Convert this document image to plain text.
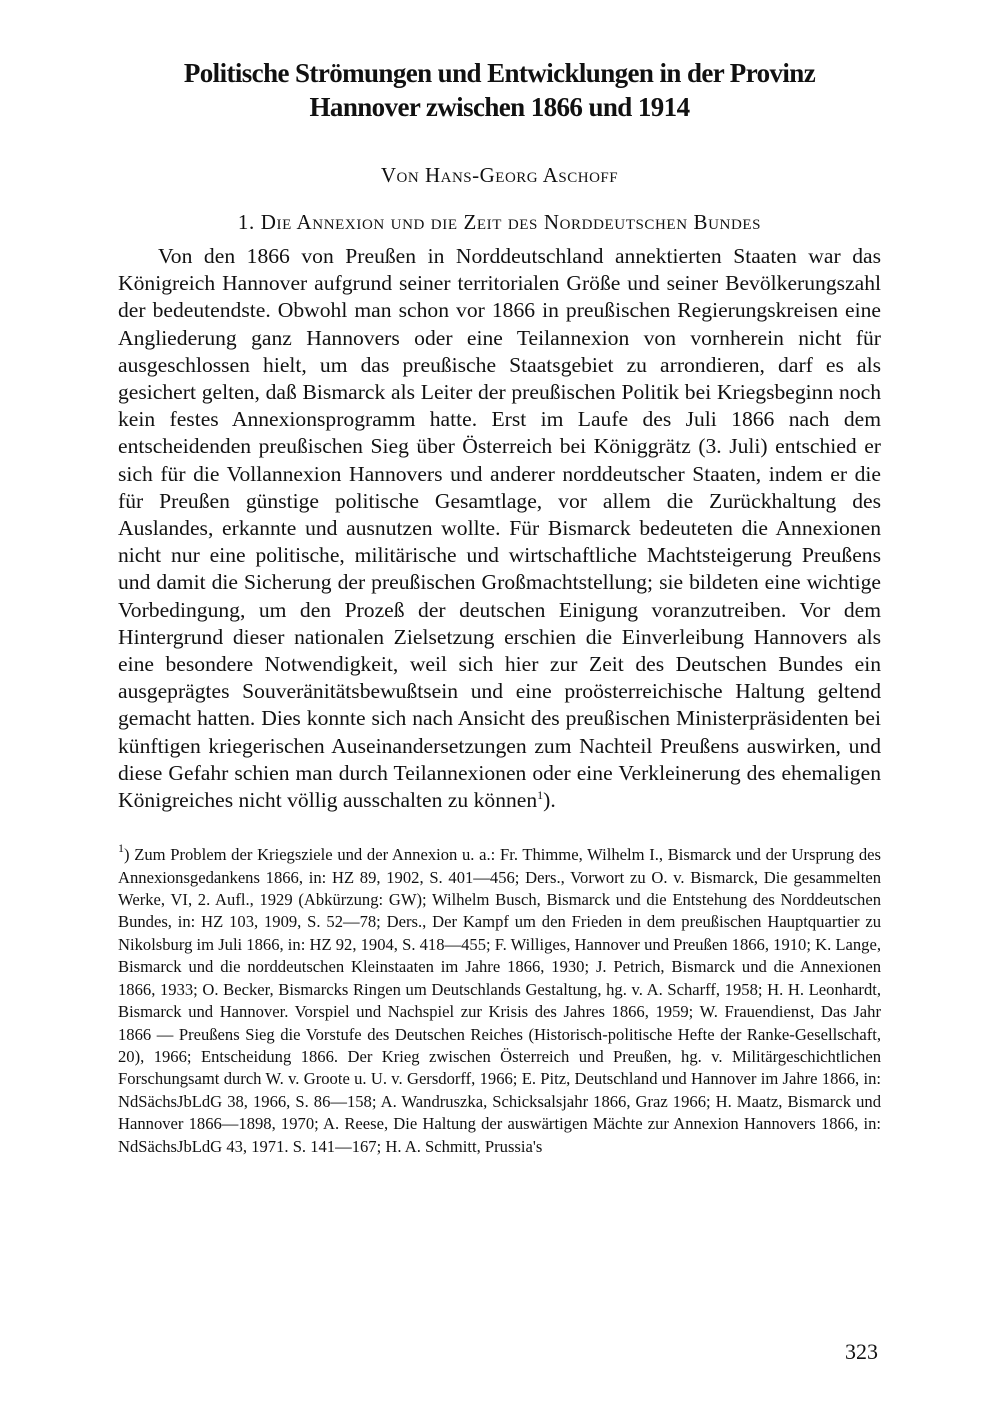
Politische Strömungen und Entwicklungen in der Provinz
Hannover zwischen 1866 und 1914
Von Hans-Georg Aschoff
1. Die Annexion und die Zeit des Norddeutschen Bundes

Von den 1866 von Preußen in Norddeutschland annektierten Staaten war das Königreich Hannover aufgrund seiner territorialen Größe und seiner Bevölkerungszahl der bedeutendste. Obwohl man schon vor 1866 in preußischen Regierungskreisen eine Angliederung ganz Hannovers oder eine Teilannexion von vornherein nicht für ausgeschlossen hielt, um das preußische Staatsgebiet zu arrondieren, darf es als gesichert gelten, daß Bismarck als Leiter der preußischen Politik bei Kriegsbeginn noch kein festes Annexionsprogramm hatte. Erst im Laufe des Juli 1866 nach dem entscheidenden preußischen Sieg über Österreich bei Königgrätz (3. Juli) entschied er sich für die Vollannexion Hannovers und anderer norddeutscher Staaten, indem er die für Preußen günstige politische Gesamtlage, vor allem die Zurückhaltung des Auslandes, erkannte und ausnutzen wollte. Für Bismarck bedeuteten die Annexionen nicht nur eine politische, militärische und wirtschaftliche Machtsteigerung Preußens und damit die Sicherung der preußischen Großmachtstellung; sie bildeten eine wichtige Vorbedingung, um den Prozeß der deutschen Einigung voranzutreiben. Vor dem Hintergrund dieser nationalen Zielsetzung erschien die Einverleibung Hannovers als eine besondere Notwendigkeit, weil sich hier zur Zeit des Deutschen Bundes ein ausgeprägtes Souveränitätsbewußtsein und eine proösterreichische Haltung geltend gemacht hatten. Dies konnte sich nach Ansicht des preußischen Ministerpräsidenten bei künftigen kriegerischen Auseinandersetzungen zum Nachteil Preußens auswirken, und diese Gefahr schien man durch Teilannexionen oder eine Verkleinerung des ehemaligen Königreiches nicht völlig ausschalten zu können$^1$).

$^1$) Zum Problem der Kriegsziele und der Annexion u. a.: Fr. Thimme, Wilhelm I., Bismarck und der Ursprung des Annexionsgedankens 1866, in: HZ 89, 1902, S. 401—456; Ders., Vorwort zu O. v. Bismarck, Die gesammelten Werke, VI, 2. Aufl., 1929 (Abkürzung: GW); Wilhelm Busch, Bismarck und die Entstehung des Norddeutschen Bundes, in: HZ 103, 1909, S. 52—78; Ders., Der Kampf um den Frieden in dem preußischen Hauptquartier zu Nikolsburg im Juli 1866, in: HZ 92, 1904, S. 418—455; F. Williges, Hannover und Preußen 1866, 1910; K. Lange, Bismarck und die norddeutschen Kleinstaaten im Jahre 1866, 1930; J. Petrich, Bismarck und die Annexionen 1866, 1933; O. Becker, Bismarcks Ringen um Deutschlands Gestaltung, hg. v. A. Scharff, 1958; H. H. Leonhardt, Bismarck und Hannover. Vorspiel und Nachspiel zur Krisis des Jahres 1866, 1959; W. Frauendienst, Das Jahr 1866 — Preußens Sieg die Vorstufe des Deutschen Reiches (Historisch-politische Hefte der Ranke-Gesellschaft, 20), 1966; Entscheidung 1866. Der Krieg zwischen Österreich und Preußen, hg. v. Militärgeschichtlichen Forschungsamt durch W. v. Groote u. U. v. Gersdorff, 1966; E. Pitz, Deutschland und Hannover im Jahre 1866, in: NdSächsJbLdG 38, 1966, S. 86—158; A. Wandruszka, Schicksalsjahr 1866, Graz 1966; H. Maatz, Bismarck und Hannover 1866—1898, 1970; A. Reese, Die Haltung der auswärtigen Mächte zur Annexion Hannovers 1866, in: NdSächsJbLdG 43, 1971. S. 141—167; H. A. Schmitt, Prussia's

323
